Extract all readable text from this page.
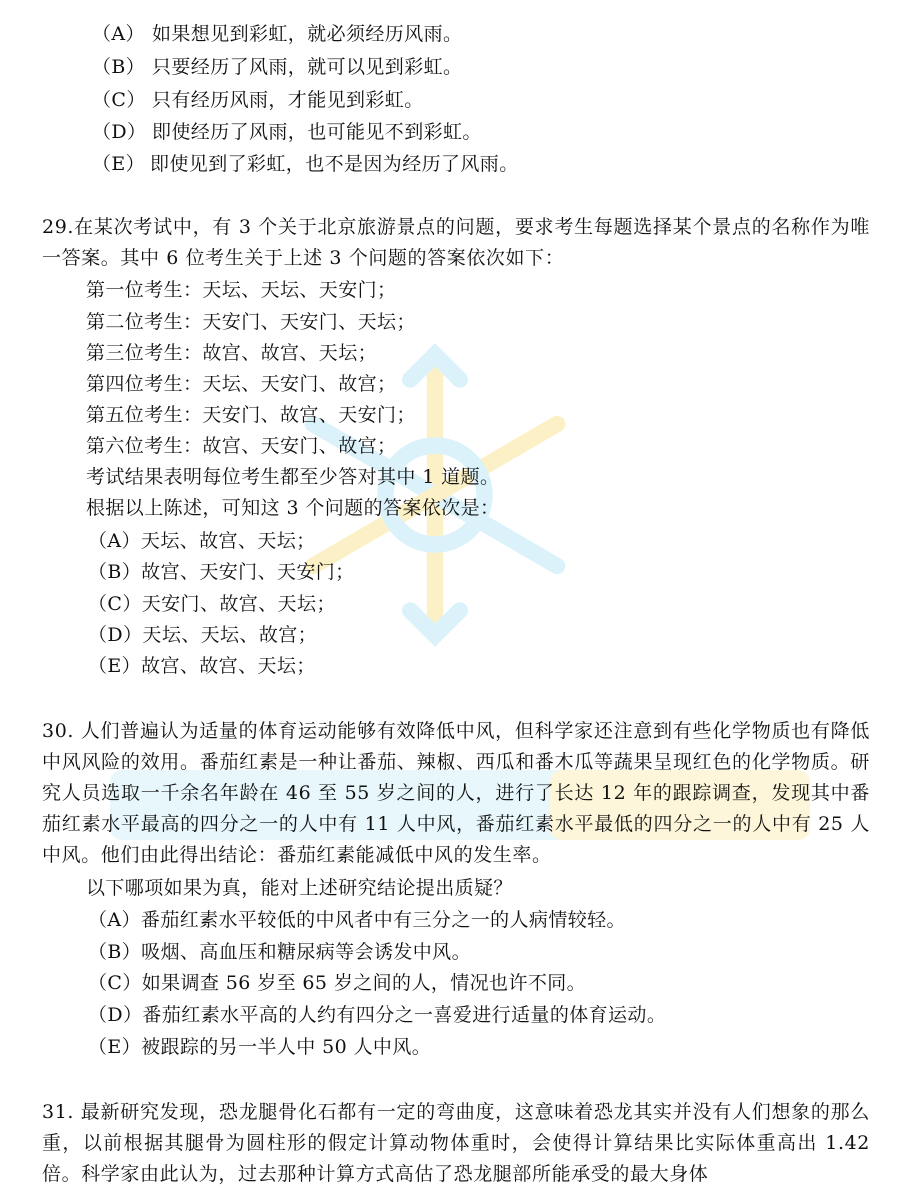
（A） 如果想见到彩虹，就必须经历风雨。
（B） 只要经历了风雨，就可以见到彩虹。
（C） 只有经历风雨，才能见到彩虹。
（D） 即使经历了风雨，也可能见不到彩虹。
（E） 即使见到了彩虹，也不是因为经历了风雨。
29.在某次考试中，有 3 个关于北京旅游景点的问题，要求考生每题选择某个景点的名称作为唯一答案。其中 6 位考生关于上述 3 个问题的答案依次如下：
第一位考生：天坛、天坛、天安门；
第二位考生：天安门、天安门、天坛；
第三位考生：故宫、故宫、天坛；
第四位考生：天坛、天安门、故宫；
第五位考生：天安门、故宫、天安门；
第六位考生：故宫、天安门、故宫；
考试结果表明每位考生都至少答对其中 1 道题。
根据以上陈述，可知这 3 个问题的答案依次是：
（A）天坛、故宫、天坛；
（B）故宫、天安门、天安门；
（C）天安门、故宫、天坛；
（D）天坛、天坛、故宫；
（E）故宫、故宫、天坛；
30. 人们普遍认为适量的体育运动能够有效降低中风，但科学家还注意到有些化学物质也有降低中风风险的效用。番茄红素是一种让番茄、辣椒、西瓜和番木瓜等蔬果呈现红色的化学物质。研究人员选取一千余名年龄在 46 至 55 岁之间的人，进行了长达 12 年的跟踪调查，发现其中番茄红素水平最高的四分之一的人中有 11 人中风，番茄红素水平最低的四分之一的人中有 25 人中风。他们由此得出结论：番茄红素能减低中风的发生率。
以下哪项如果为真，能对上述研究结论提出质疑？
（A）番茄红素水平较低的中风者中有三分之一的人病情较轻。
（B）吸烟、高血压和糖尿病等会诱发中风。
（C）如果调查 56 岁至 65 岁之间的人，情况也许不同。
（D）番茄红素水平高的人约有四分之一喜爱进行适量的体育运动。
（E）被跟踪的另一半人中 50 人中风。
31. 最新研究发现，恐龙腿骨化石都有一定的弯曲度，这意味着恐龙其实并没有人们想象的那么重，以前根据其腿骨为圆柱形的假定计算动物体重时，会使得计算结果比实际体重高出 1.42 倍。科学家由此认为，过去那种计算方式高估了恐龙腿部所能承受的最大身体
